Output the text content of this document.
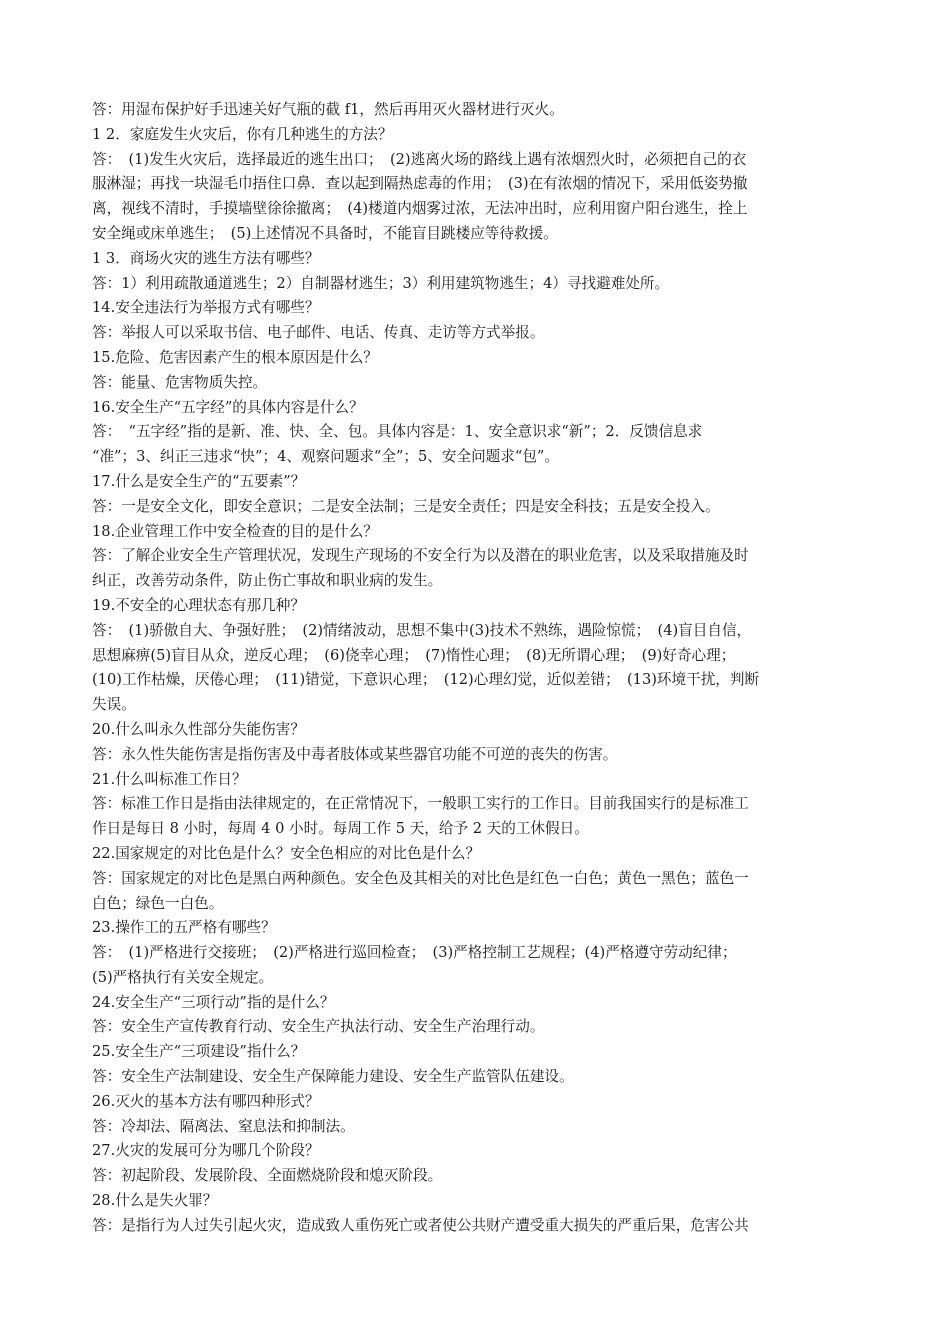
答：用湿布保护好手迅速关好气瓶的截 f1，然后再用灭火器材进行灭火。
1 2．家庭发生火灾后，你有几种逃生的方法？
答：　(1)发生火灾后，选择最近的逃生出口；　(2)逃离火场的路线上遇有浓烟烈火时，必须把自己的衣
服淋湿；再找一块湿毛巾捂住口鼻．查以起到隔热虑毒的作用；　(3)在有浓烟的情况下，采用低姿势撤
离，视线不清时，手摸墙壁徐徐撤离；　(4)楼道内烟雾过浓，无法冲出时，应利用窗户阳台逃生，拴上
安全绳或床单逃生；　(5)上述情况不具备时，不能盲目跳楼应等待救援。
1 3．商场火灾的逃生方法有哪些？
答：1）利用疏散通道逃生；2）自制器材逃生；3）利用建筑物逃生；4）寻找避难处所。
14.安全违法行为举报方式有哪些？
答：举报人可以采取书信、电子邮件、电话、传真、走访等方式举报。
15.危险、危害因素产生的根本原因是什么？
答：能量、危害物质失控。
16.安全生产“五字经”的具体内容是什么？
答：　“五字经”指的是新、准、快、全、包。具体内容是：1、安全意识求“新”；2．反馈信息求
“准”；3、纠正三违求“快”；4、观察问题求“全”；5、安全问题求“包”。
17.什么是安全生产的“五要素”？
答：一是安全文化，即安全意识；二是安全法制；三是安全责任；四是安全科技；五是安全投入。
18.企业管理工作中安全检查的目的是什么？
答：了解企业安全生产管理状况，发现生产现场的不安全行为以及潜在的职业危害，以及采取措施及时
纠正，改善劳动条件，防止伤亡事故和职业病的发生。
19.不安全的心理状态有那几种？
答：　(1)骄傲自大、争强好胜；　(2)情绪波动，思想不集中(3)技术不熟练，遇险惊慌；　(4)盲目自信，
思想麻痹(5)盲目从众，逆反心理；　(6)侥幸心理；　(7)惰性心理；　(8)无所谓心理；　(9)好奇心理；
(10)工作枯燥，厌倦心理；　(11)错觉，下意识心理；　(12)心理幻觉，近似差错；　(13)环境干扰，判断
失误。
20.什么叫永久性部分失能伤害？
答：永久性失能伤害是指伤害及中毒者肢体或某些器官功能不可逆的丧失的伤害。
21.什么叫标准工作日？
答：标准工作日是指由法律规定的，在正常情况下，一般职工实行的工作日。目前我国实行的是标准工
作日是每日 8 小时，每周 4 0 小时。每周工作 5 天，给予 2 天的工休假日。
22.国家规定的对比色是什么？安全色相应的对比色是什么？
答：国家规定的对比色是黑白两种颜色。安全色及其相关的对比色是红色一白色；黄色一黑色；蓝色一
白色；绿色一白色。
23.操作工的五严格有哪些？
答：　(1)严格进行交接班；　(2)严格进行巡回检查；　(3)严格控制工艺规程；(4)严格遵守劳动纪律；
(5)严格执行有关安全规定。
24.安全生产“三项行动”指的是什么？
答：安全生产宣传教育行动、安全生产执法行动、安全生产治理行动。
25.安全生产“三项建设”指什么？
答：安全生产法制建设、安全生产保障能力建设、安全生产监管队伍建设。
26.灭火的基本方法有哪四种形式？
答：冷却法、隔离法、窒息法和抑制法。
27.火灾的发展可分为哪几个阶段？
答：初起阶段、发展阶段、全面燃烧阶段和熄灭阶段。
28.什么是失火罪？
答：是指行为人过失引起火灾，造成致人重伤死亡或者使公共财产遭受重大损失的严重后果，危害公共
